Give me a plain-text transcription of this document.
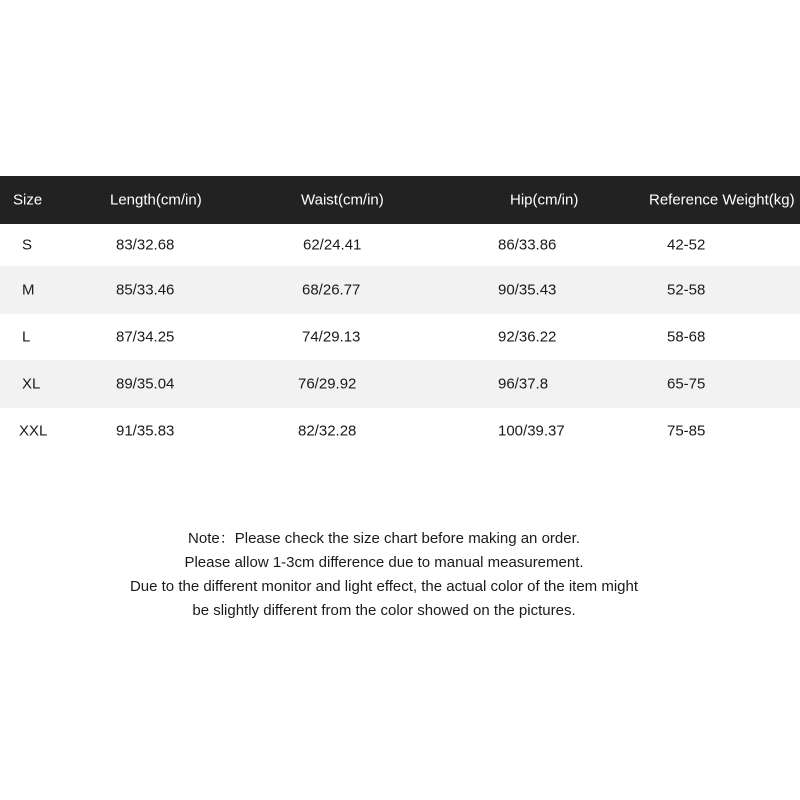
Size	Length(cm/in)	Waist(cm/in)	Hip(cm/in)	Reference Weight(kg)
S	83/32.68	62/24.41	86/33.86	42-52
M	85/33.46	68/26.77	90/35.43	52-58
L	87/34.25	74/29.13	92/36.22	58-68
XL	89/35.04	76/29.92	96/37.8	65-75
XXL	91/35.83	82/32.28	100/39.37	75-85
Note：Please check the size chart before making an order.
Please allow 1-3cm difference due to manual measurement.
Due to the different monitor and light effect, the actual color of the item might
be slightly different from the color showed on the pictures.
